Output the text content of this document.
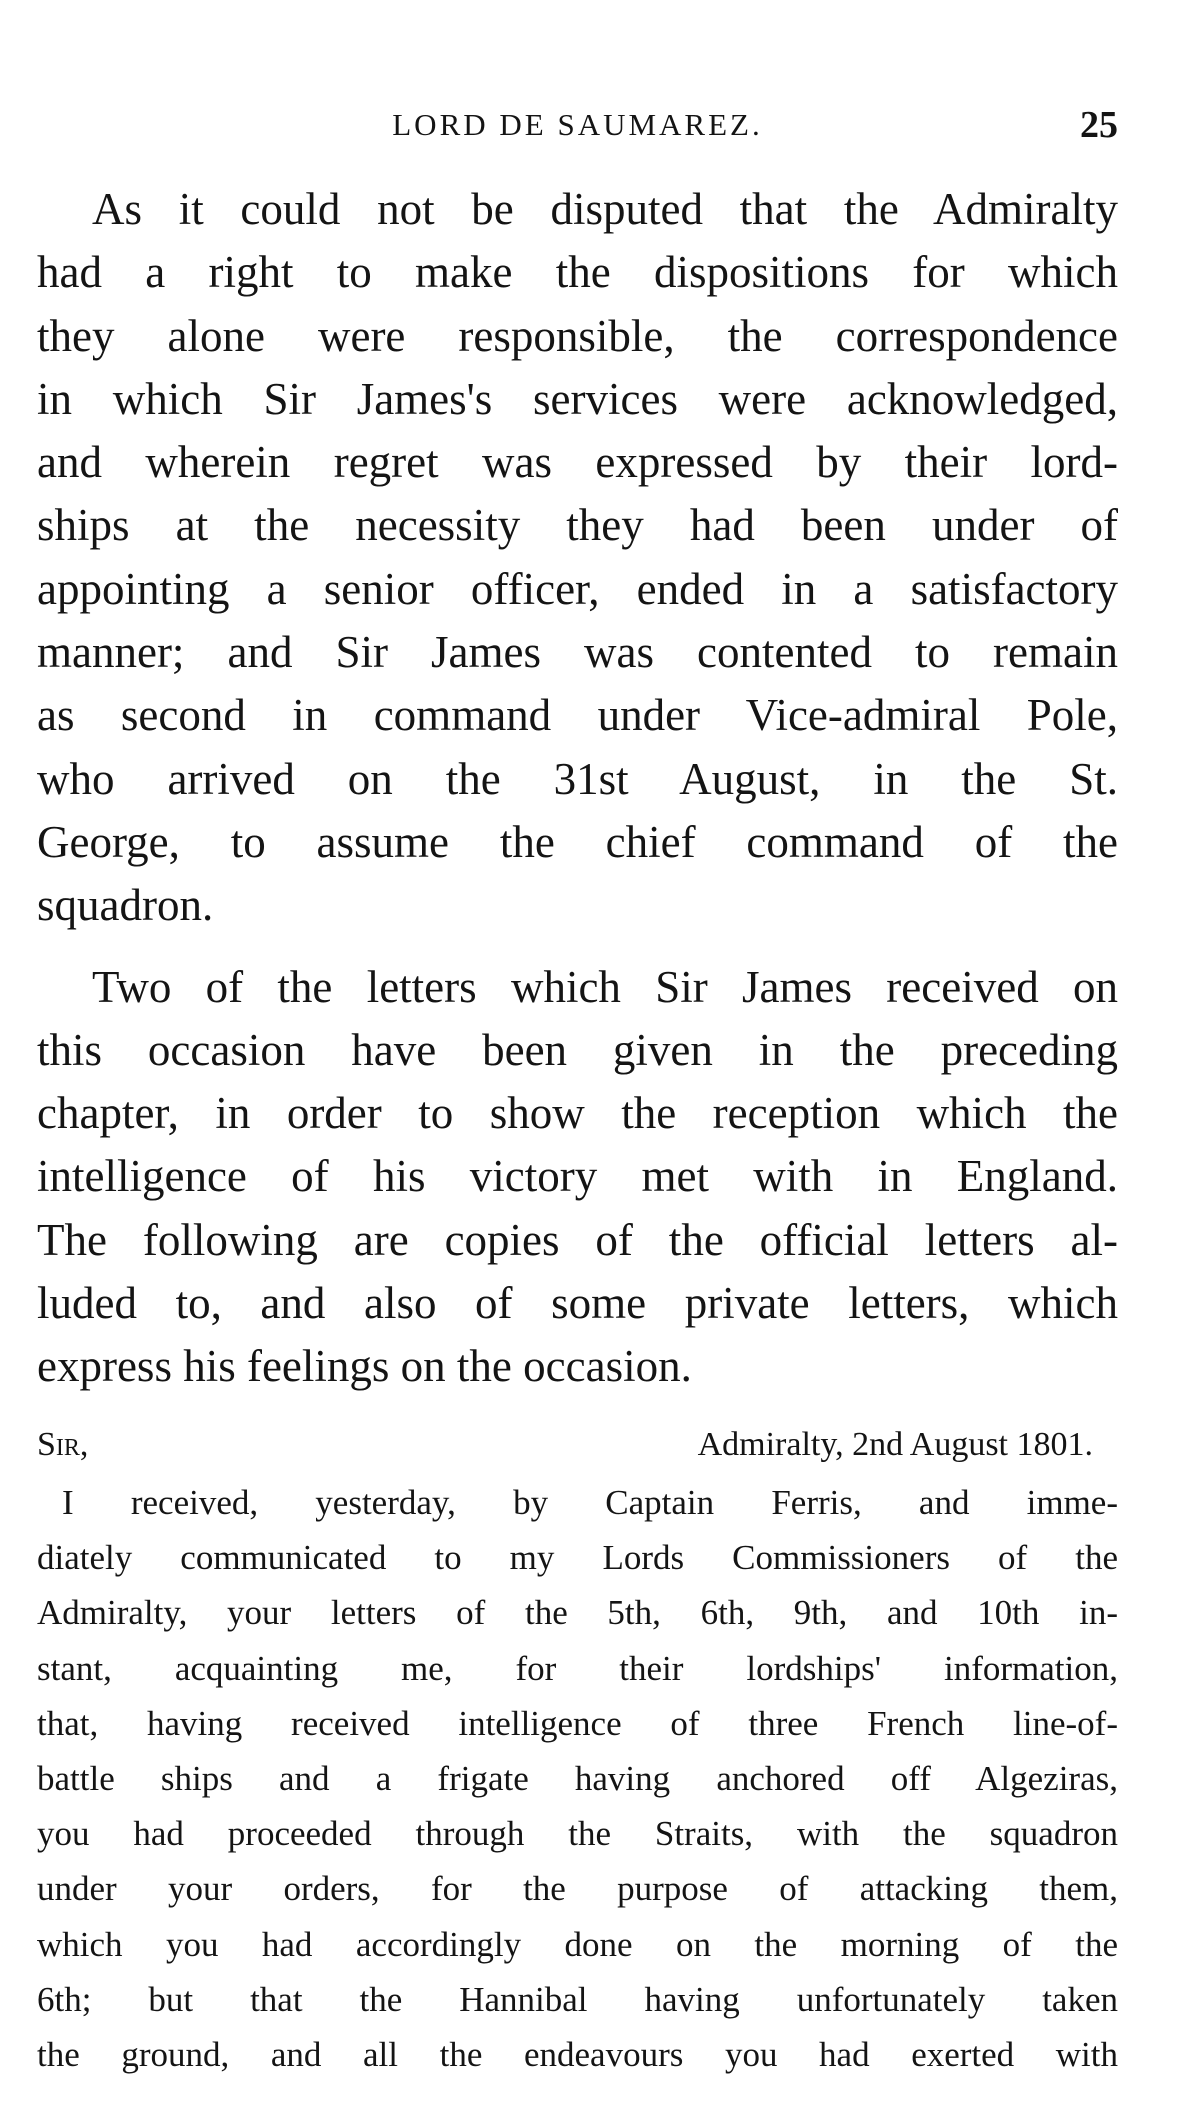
LORD DE SAUMAREZ.	25
As it could not be disputed that the Admiralty
had a right to make the dispositions for which
they alone were responsible, the correspondence
in which Sir James's services were acknowledged,
and wherein regret was expressed by their lord-
ships at the necessity they had been under of
appointing a senior officer, ended in a satisfactory
manner; and Sir James was contented to remain
as second in command under Vice-admiral Pole,
who arrived on the 31st August, in the St.
George, to assume the chief command of the
squadron.
Two of the letters which Sir James received on
this occasion have been given in the preceding
chapter, in order to show the reception which the
intelligence of his victory met with in England.
The following are copies of the official letters al-
luded to, and also of some private letters, which
express his feelings on the occasion.
Sir,	Admiralty, 2nd August 1801.
I received, yesterday, by Captain Ferris, and imme-
diately communicated to my Lords Commissioners of the
Admiralty, your letters of the 5th, 6th, 9th, and 10th in-
stant, acquainting me, for their lordships' information,
that, having received intelligence of three French line-of-
battle ships and a frigate having anchored off Algeziras,
you had proceeded through the Straits, with the squadron
under your orders, for the purpose of attacking them,
which you had accordingly done on the morning of the
6th; but that the Hannibal having unfortunately taken
the ground, and all the endeavours you had exerted with
